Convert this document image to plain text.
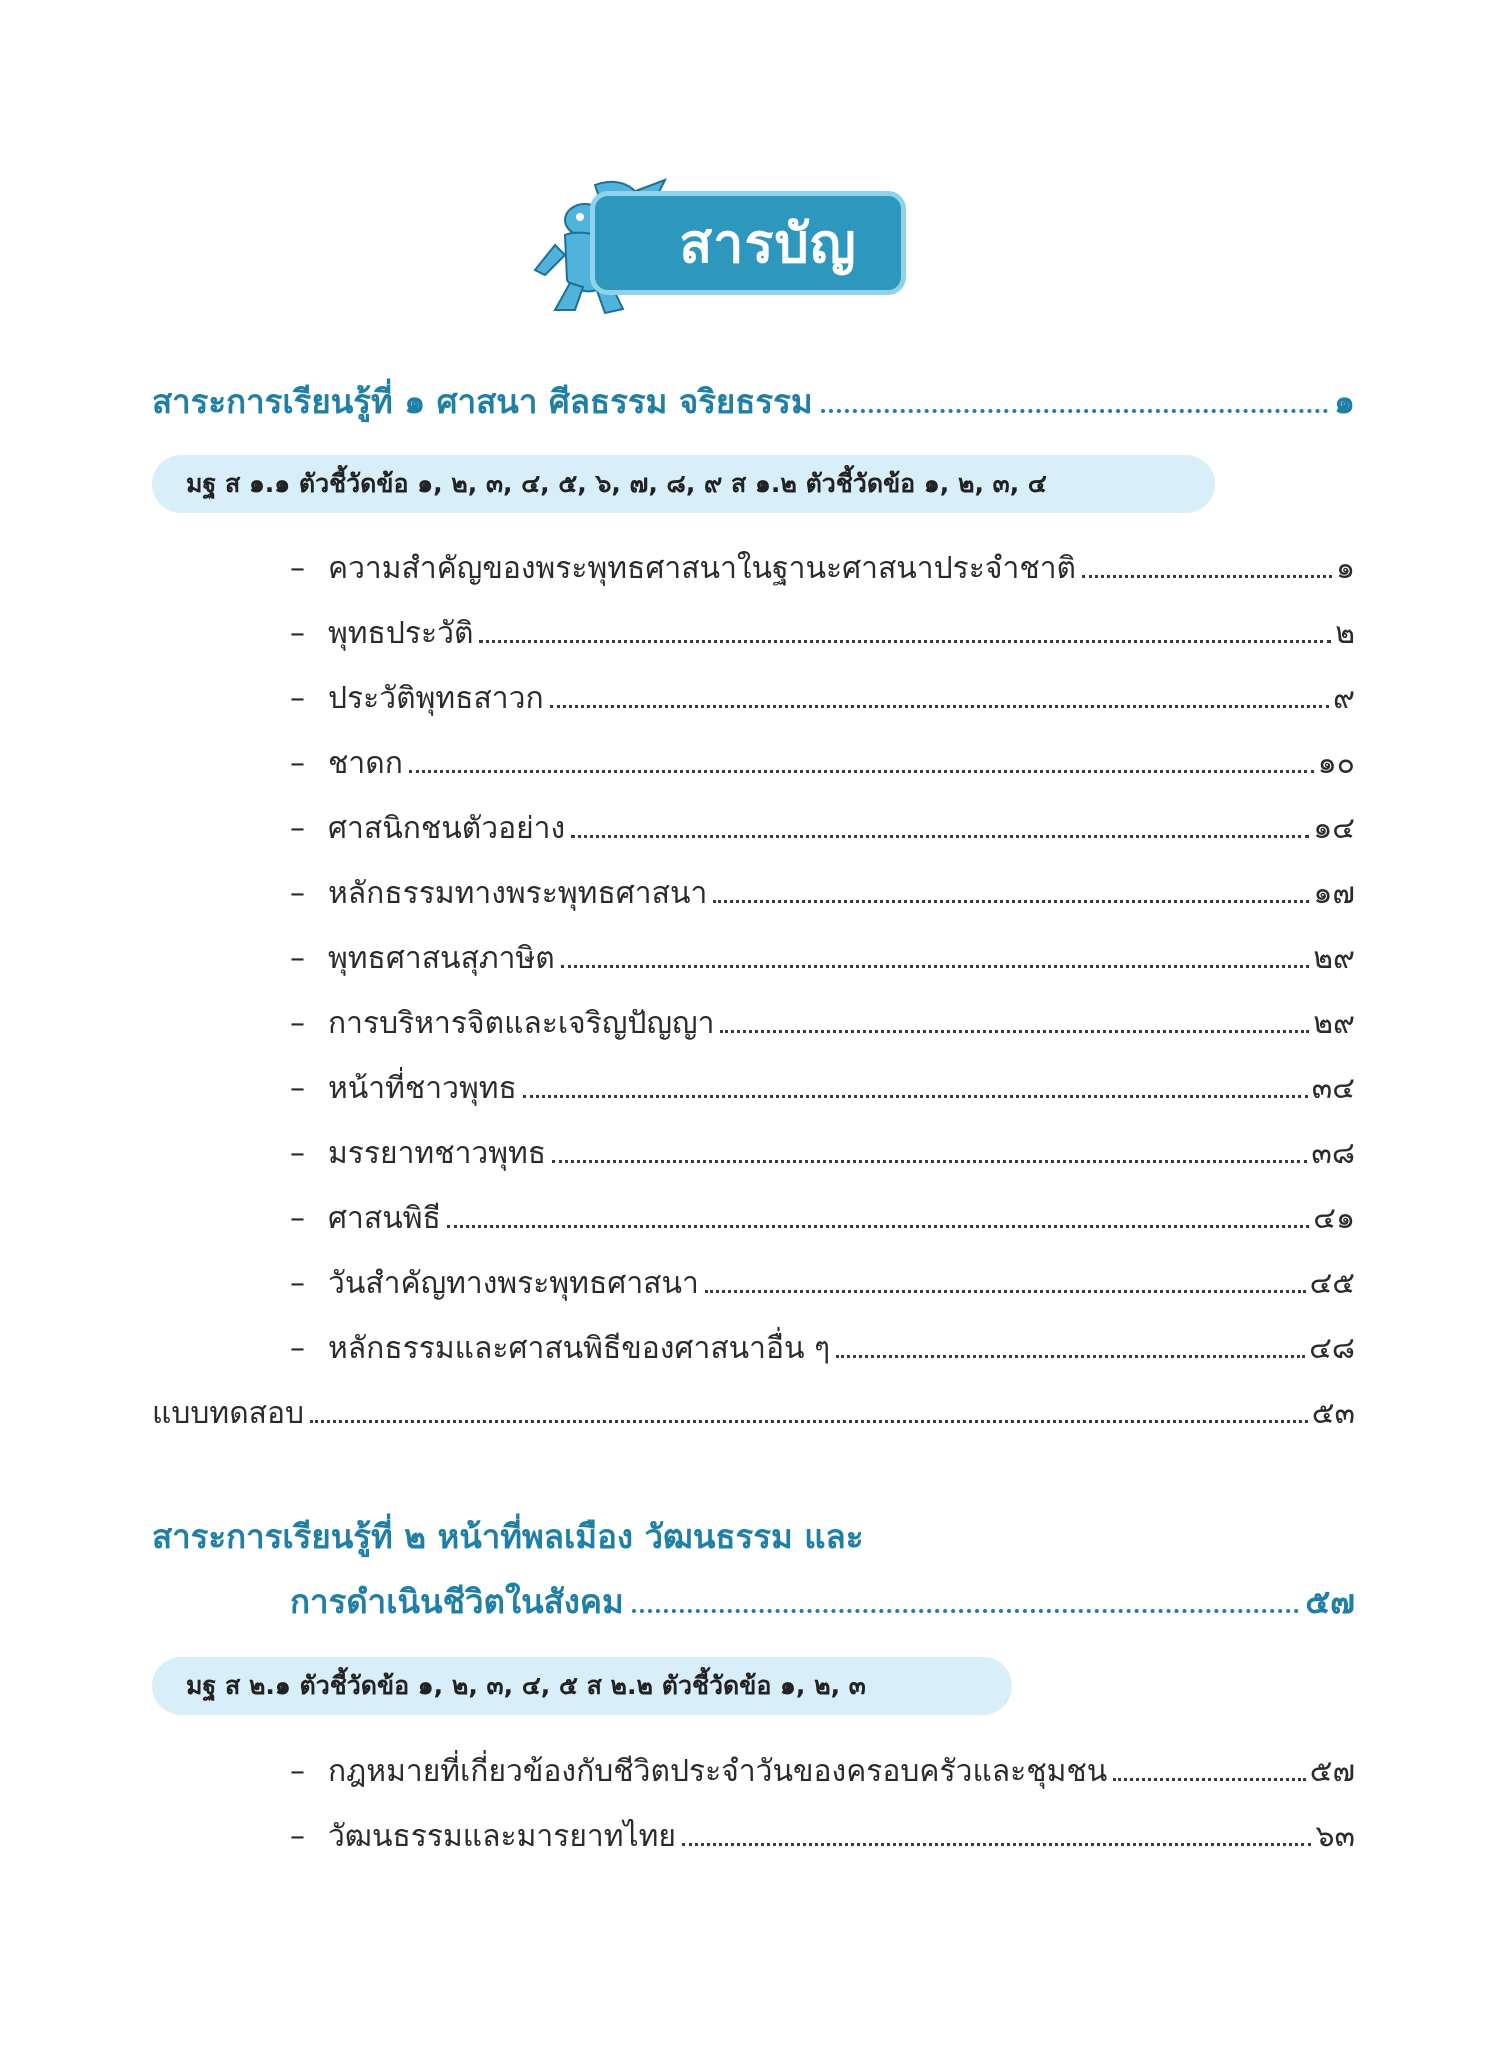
สารบัญ
สาระการเรียนรู้ที่ ๑ ศาสนา ศีลธรรม จริยธรรม	๑
มฐ ส ๑.๑ ตัวชี้วัดข้อ ๑, ๒, ๓, ๔, ๕, ๖, ๗, ๘, ๙ ส ๑.๒ ตัวชี้วัดข้อ ๑, ๒, ๓, ๔
– ความสำคัญของพระพุทธศาสนาในฐานะศาสนาประจำชาติ	๑
– พุทธประวัติ	๒
– ประวัติพุทธสาวก	๙
– ชาดก	๑๐
– ศาสนิกชนตัวอย่าง	๑๔
– หลักธรรมทางพระพุทธศาสนา	๑๗
– พุทธศาสนสุภาษิต	๒๙
– การบริหารจิตและเจริญปัญญา	๒๙
– หน้าที่ชาวพุทธ	๓๔
– มรรยาทชาวพุทธ	๓๘
– ศาสนพิธี	๔๑
– วันสำคัญทางพระพุทธศาสนา	๔๕
– หลักธรรมและศาสนพิธีของศาสนาอื่น ๆ	๔๘
แบบทดสอบ	๕๓
สาระการเรียนรู้ที่ ๒ หน้าที่พลเมือง วัฒนธรรม และ
การดำเนินชีวิตในสังคม	๕๗
มฐ ส ๒.๑ ตัวชี้วัดข้อ ๑, ๒, ๓, ๔, ๕ ส ๒.๒ ตัวชี้วัดข้อ ๑, ๒, ๓
– กฎหมายที่เกี่ยวข้องกับชีวิตประจำวันของครอบครัวและชุมชน	๕๗
– วัฒนธรรมและมารยาทไทย	๖๓
